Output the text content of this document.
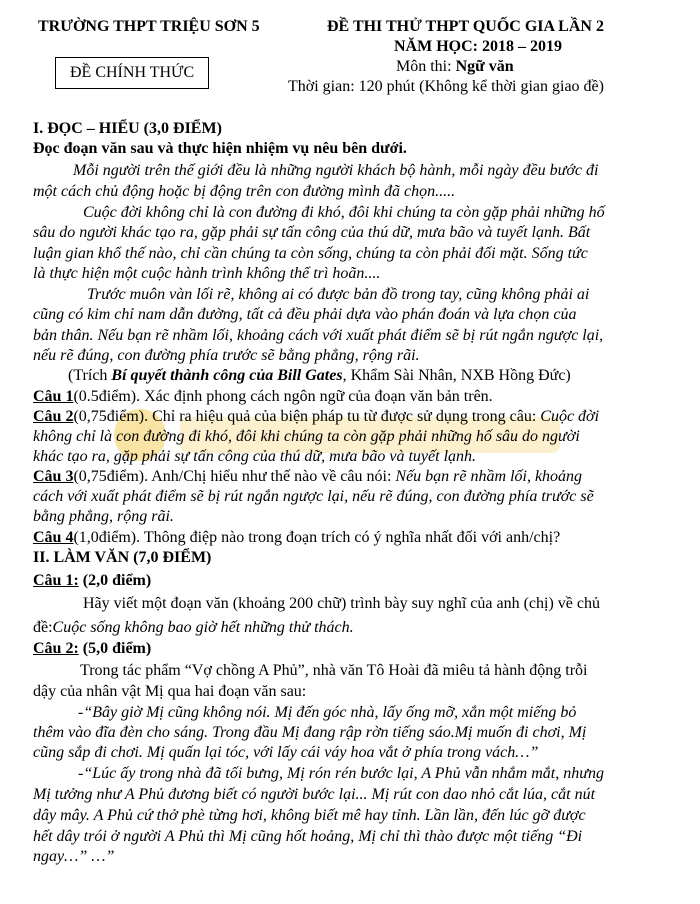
TRƯỜNG THPT TRIỆU SƠN 5	ĐỀ THI THỬ THPT QUỐC GIA LẦN 2
NĂM HỌC: 2018 – 2019
ĐỀ CHÍNH THỨC	Môn thi: Ngữ văn
Thời gian: 120 phút (Không kể thời gian giao đề)
I. ĐỌC – HIỂU (3,0 ĐIỂM)
Đọc đoạn văn sau và thực hiện nhiệm vụ nêu bên dưới.
Mỗi người trên thế giới đều là những người khách bộ hành, mỗi ngày đều bước đi
một cách chủ động hoặc bị động trên con đường mình đã chọn.....
Cuộc đời không chỉ là con đường đi khó, đôi khi chúng ta còn gặp phải những hố
sâu do người khác tạo ra, gặp phải sự tấn công của thú dữ, mưa bão và tuyết lạnh. Bất
luận gian khổ thế nào, chỉ cần chúng ta còn sống, chúng ta còn phải đối mặt. Sống tức
là thực hiện một cuộc hành trình không thể trì hoãn....
Trước muôn vàn lối rẽ, không ai có được bản đồ trong tay, cũng không phải ai
cũng có kim chỉ nam dẫn đường, tất cả đều phải dựa vào phán đoán và lựa chọn của
bản thân. Nếu bạn rẽ nhầm lối, khoảng cách với xuất phát điểm sẽ bị rút ngắn ngược lại,
nếu rẽ đúng, con đường phía trước sẽ bằng phẳng, rộng rãi.
(Trích Bí quyết thành công của Bill Gates, Khẩm Sài Nhân, NXB Hồng Đức)
Câu 1(0.5điểm). Xác định phong cách ngôn ngữ của đoạn văn bản trên.
Câu 2(0,75điểm). Chỉ ra hiệu quả của biện pháp tu từ được sử dụng trong câu: Cuộc đời
không chỉ là con đường đi khó, đôi khi chúng ta còn gặp phải những hố sâu do người
khác tạo ra, gặp phải sự tấn công của thú dữ, mưa bão và tuyết lạnh.
Câu 3(0,75điểm). Anh/Chị hiểu như thế nào về câu nói: Nếu bạn rẽ nhầm lối, khoảng
cách với xuất phát điểm sẽ bị rút ngắn ngược lại, nếu rẽ đúng, con đường phía trước sẽ
bằng phẳng, rộng rãi.
Câu 4(1,0điểm). Thông điệp nào trong đoạn trích có ý nghĩa nhất đối với anh/chị?
II. LÀM VĂN (7,0 ĐIỂM)
Câu 1: (2,0 điểm)
Hãy viết một đoạn văn (khoảng 200 chữ) trình bày suy nghĩ của anh (chị) về chủ
đề:Cuộc sống không bao giờ hết những thử thách.
Câu 2: (5,0 điểm)
Trong tác phẩm “Vợ chồng A Phủ”, nhà văn Tô Hoài đã miêu tả hành động trỗi
dậy của nhân vật Mị qua hai đoạn văn sau:
-“Bây giờ Mị cũng không nói. Mị đến góc nhà, lấy ống mỡ, xắn một miếng bỏ
thêm vào đĩa đèn cho sáng. Trong đầu Mị đang rập rờn tiếng sáo.Mị muốn đi chơi, Mị
cũng sắp đi chơi. Mị quấn lại tóc, với lấy cái váy hoa vắt ở phía trong vách…”
-“Lúc ấy trong nhà đã tối bưng, Mị rón rén bước lại, A Phủ vẫn nhắm mắt, nhưng
Mị tưởng như A Phủ đương biết có người bước lại... Mị rút con dao nhỏ cắt lúa, cắt nút
dây mây. A Phủ cứ thở phè từng hơi, không biết mê hay tỉnh. Lần lần, đến lúc gỡ được
hết dây trói ở người A Phủ thì Mị cũng hốt hoảng, Mị chỉ thì thào được một tiếng “Đi
ngay…” …”
